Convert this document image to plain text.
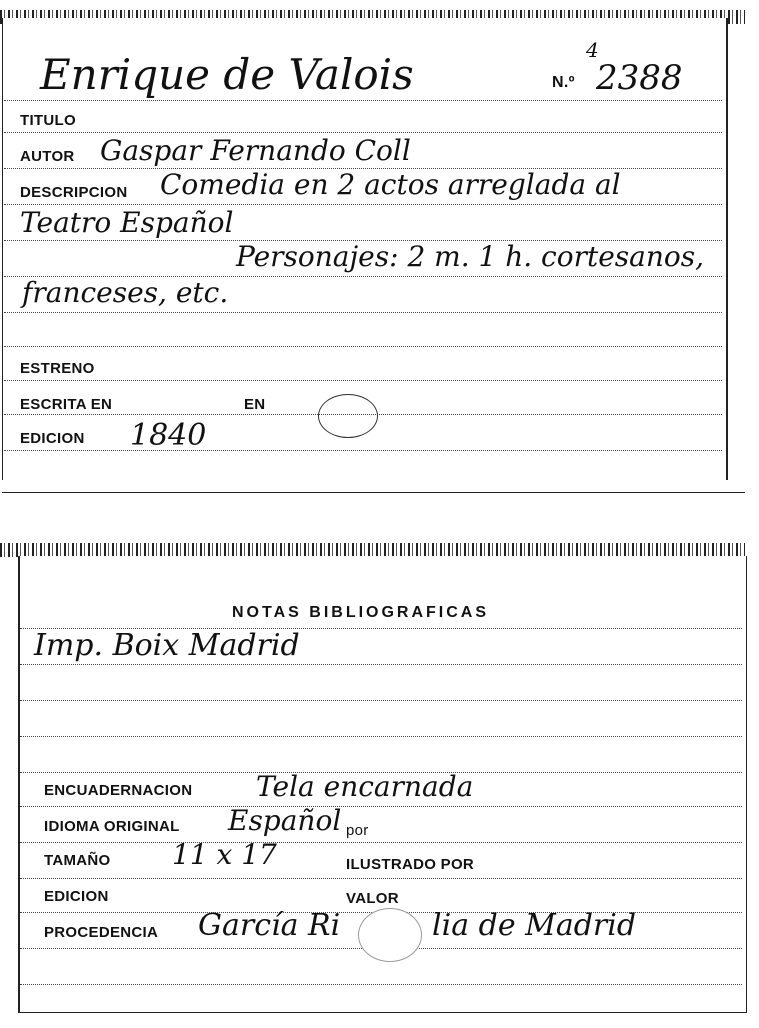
Enrique de Valois	N.º
4
2388
TITULO
AUTOR Gaspar Fernando Coll
DESCRIPCION Comedia en 2 actos arreglada al
Teatro Español
Personajes: 2 m. 1 h. cortesanos,
franceses, etc.
ESTRENO
ESCRITA EN	EN
EDICION 1840
NOTAS BIBLIOGRAFICAS
Imp. Boix Madrid
ENCUADERNACION Tela encarnada
IDIOMA ORIGINAL Español por
TAMAÑO 11 x 17	ILUSTRADO POR
EDICION	VALOR
PROCEDENCIA García Ri	lia de Madrid
